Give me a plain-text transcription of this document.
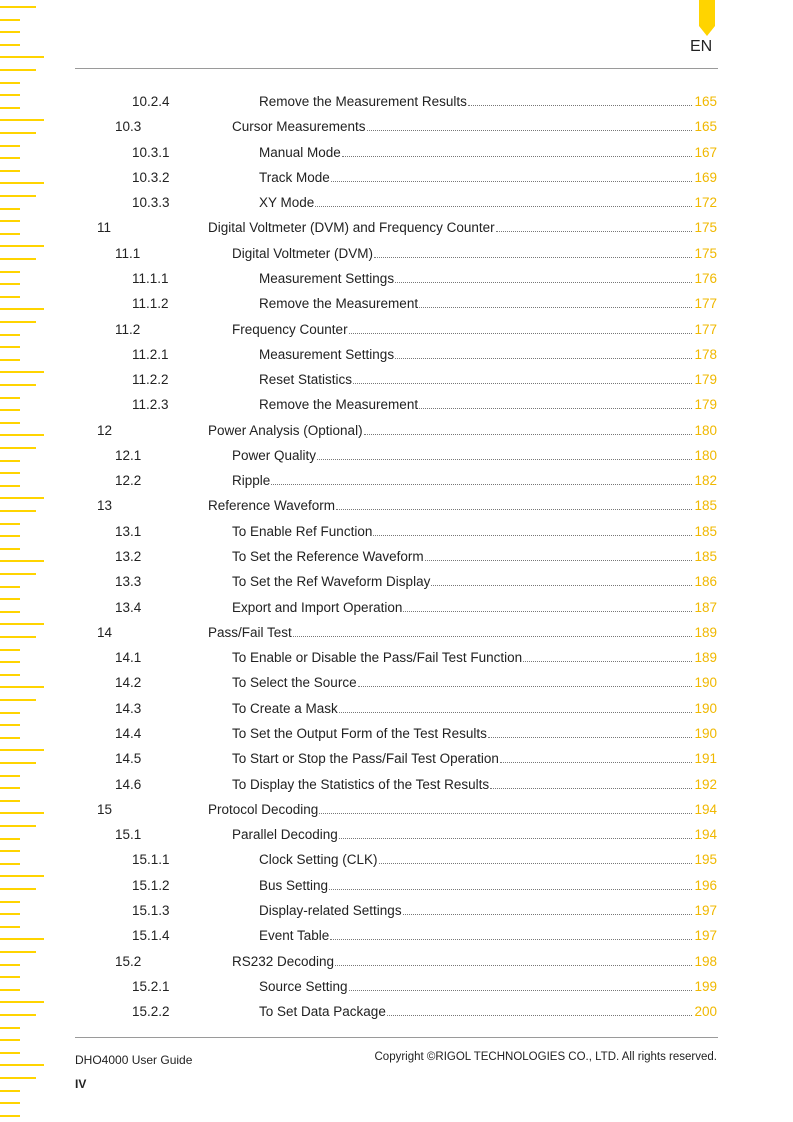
EN
10.2.4	Remove the Measurement Results	165
10.3	Cursor Measurements	165
10.3.1	Manual Mode	167
10.3.2	Track Mode	169
10.3.3	XY Mode	172
11	Digital Voltmeter (DVM) and Frequency Counter	175
11.1	Digital Voltmeter (DVM)	175
11.1.1	Measurement Settings	176
11.1.2	Remove the Measurement	177
11.2	Frequency Counter	177
11.2.1	Measurement Settings	178
11.2.2	Reset Statistics	179
11.2.3	Remove the Measurement	179
12	Power Analysis (Optional)	180
12.1	Power Quality	180
12.2	Ripple	182
13	Reference Waveform	185
13.1	To Enable Ref Function	185
13.2	To Set the Reference Waveform	185
13.3	To Set the Ref Waveform Display	186
13.4	Export and Import Operation	187
14	Pass/Fail Test	189
14.1	To Enable or Disable the Pass/Fail Test Function	189
14.2	To Select the Source	190
14.3	To Create a Mask	190
14.4	To Set the Output Form of the Test Results	190
14.5	To Start or Stop the Pass/Fail Test Operation	191
14.6	To Display the Statistics of the Test Results	192
15	Protocol Decoding	194
15.1	Parallel Decoding	194
15.1.1	Clock Setting (CLK)	195
15.1.2	Bus Setting	196
15.1.3	Display-related Settings	197
15.1.4	Event Table	197
15.2	RS232 Decoding	198
15.2.1	Source Setting	199
15.2.2	To Set Data Package	200
DHO4000 User Guide	Copyright ©RIGOL TECHNOLOGIES CO., LTD. All rights reserved.
IV
